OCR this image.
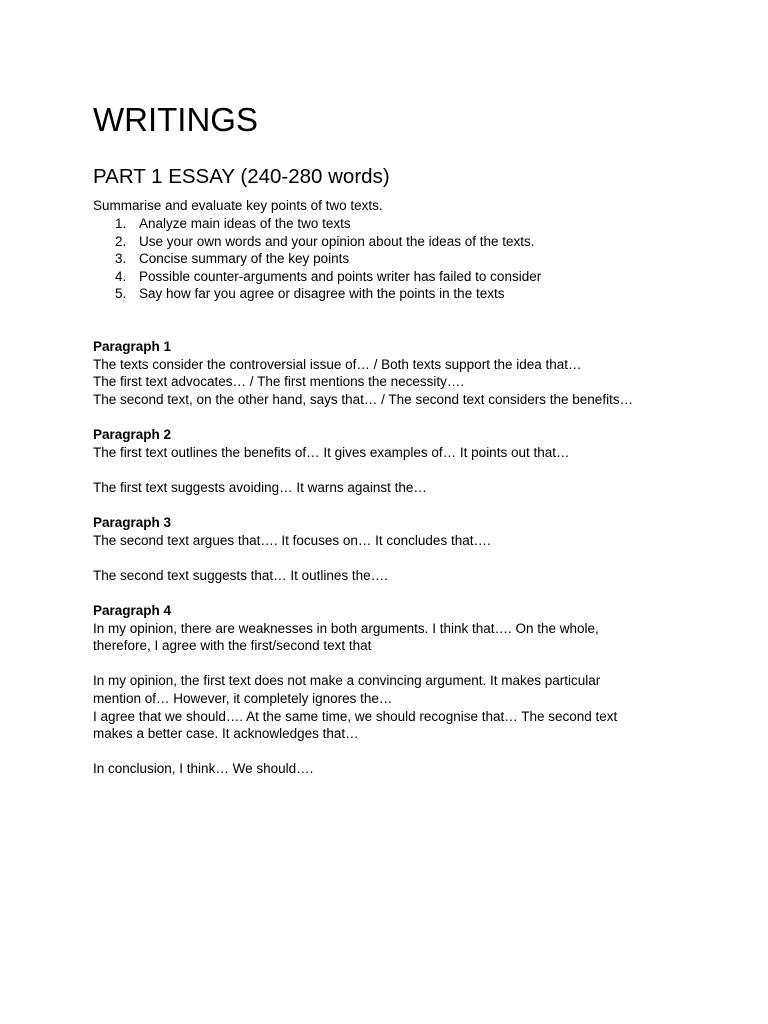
WRITINGS
PART 1 ESSAY (240-280 words)
Summarise and evaluate key points of two texts.
1. Analyze main ideas of the two texts
2. Use your own words and your opinion about the ideas of the texts.
3. Concise summary of the key points
4. Possible counter-arguments and points writer has failed to consider
5. Say how far you agree or disagree with the points in the texts
Paragraph 1
The texts consider the controversial issue of… / Both texts support the idea that…
The first text advocates… / The first mentions the necessity….
The second text, on the other hand, says that… / The second text considers the benefits…
Paragraph 2
The first text outlines the benefits of… It gives examples of… It points out that…
The first text suggests avoiding… It warns against the…
Paragraph 3
The second text argues that…. It focuses on… It concludes that….
The second text suggests that… It outlines the….
Paragraph 4
In my opinion, there are weaknesses in both arguments. I think that…. On the whole,
therefore, I agree with the first/second text that
In my opinion, the first text does not make a convincing argument. It makes particular
mention of… However, it completely ignores the…
I agree that we should…. At the same time, we should recognise that… The second text
makes a better case. It acknowledges that…
In conclusion, I think… We should….
